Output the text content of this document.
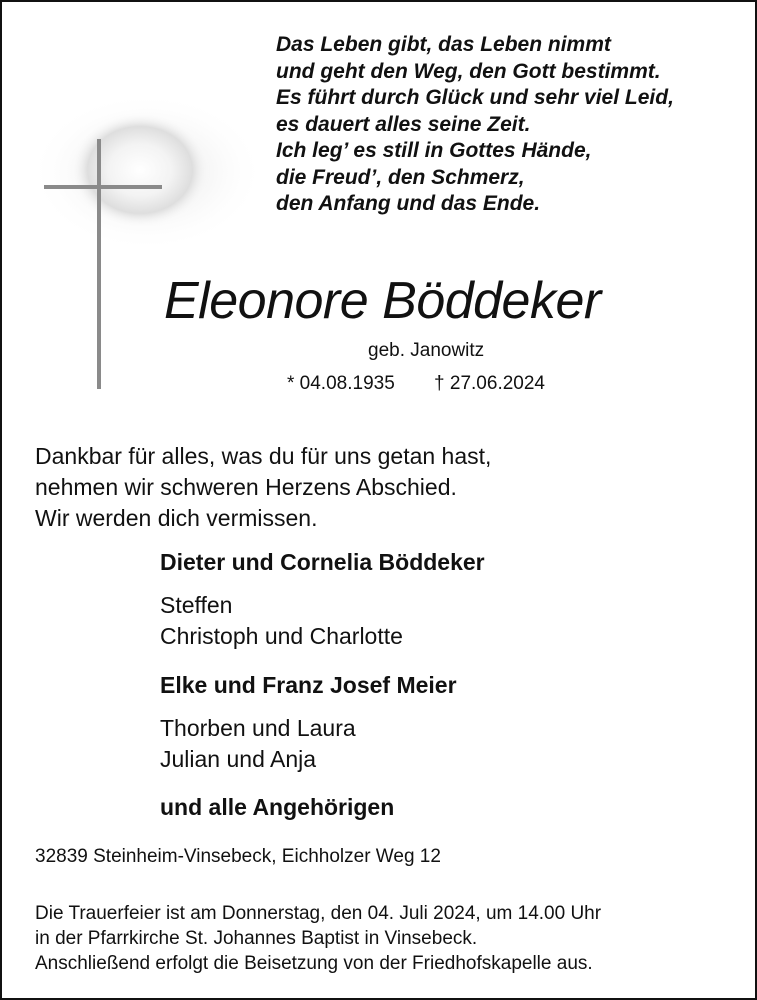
Das Leben gibt, das Leben nimmt
und geht den Weg, den Gott bestimmt.
Es führt durch Glück und sehr viel Leid,
es dauert alles seine Zeit.
Ich leg’ es still in Gottes Hände,
die Freud’, den Schmerz,
den Anfang und das Ende.
Eleonore Böddeker
geb. Janowitz
* 04.08.1935 † 27.06.2024
Dankbar für alles, was du für uns getan hast,
nehmen wir schweren Herzens Abschied.
Wir werden dich vermissen.
Dieter und Cornelia Böddeker
Steffen
Christoph und Charlotte
Elke und Franz Josef Meier
Thorben und Laura
Julian und Anja
und alle Angehörigen
32839 Steinheim-Vinsebeck, Eichholzer Weg 12
Die Trauerfeier ist am Donnerstag, den 04. Juli 2024, um 14.00 Uhr
in der Pfarrkirche St. Johannes Baptist in Vinsebeck.
Anschließend erfolgt die Beisetzung von der Friedhofskapelle aus.
